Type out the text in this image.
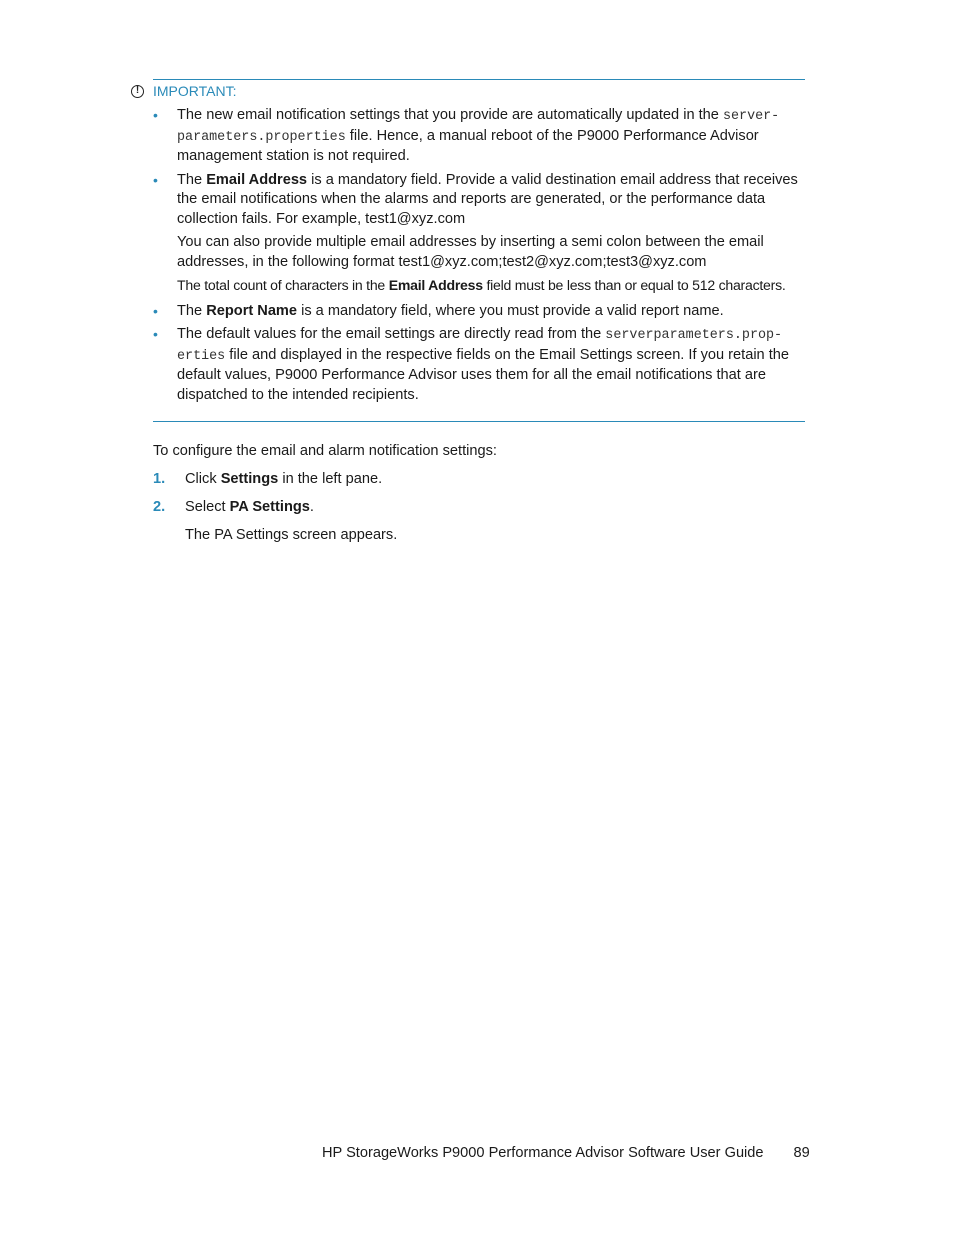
! IMPORTANT:
• The new email notification settings that you provide are automatically updated in the server-
parameters.properties file. Hence, a manual reboot of the P9000 Performance Advisor management station is not required.

• The Email Address is a mandatory field. Provide a valid destination email address that receives the email notifications when the alarms and reports are generated, or the performance data collection fails. For example, test1@xyz.com

You can also provide multiple email addresses by inserting a semi colon between the email addresses, in the following format test1@xyz.com;test2@xyz.com;test3@xyz.com

The total count of characters in the Email Address field must be less than or equal to 512 characters.

• The Report Name is a mandatory field, where you must provide a valid report name.

• The default values for the email settings are directly read from the serverparameters.prop-
erties file and displayed in the respective fields on the Email Settings screen. If you retain the default values, P9000 Performance Advisor uses them for all the email notifications that are dispatched to the intended recipients.

To configure the email and alarm notification settings:

1. Click Settings in the left pane.
2. Select PA Settings.

The PA Settings screen appears.

HP StorageWorks P9000 Performance Advisor Software User Guide 89
